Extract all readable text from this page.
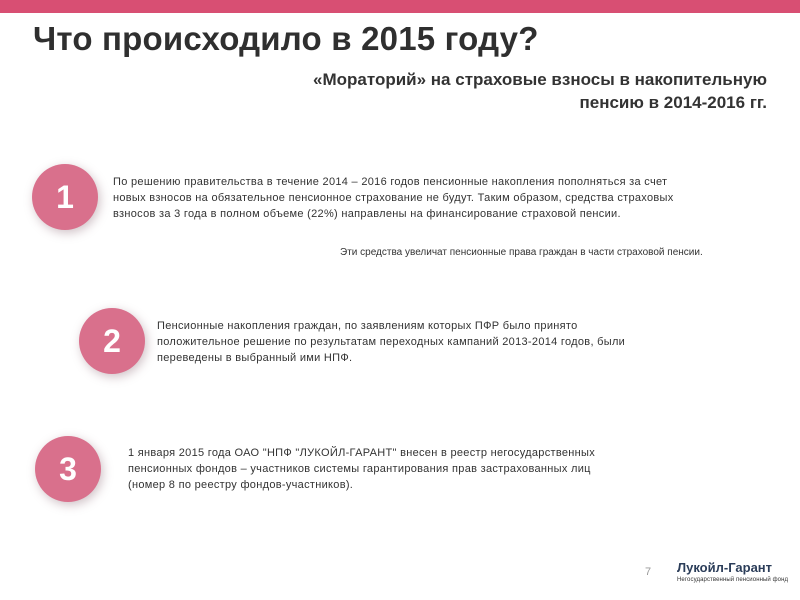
Что происходило в 2015 году?
«Мораторий» на страховые взносы в накопительную
пенсию в 2014-2016 гг.
1	По решению правительства в течение 2014 – 2016 годов пенсионные накопления пополняться за счет
новых взносов на обязательное пенсионное страхование не будут. Таким образом, средства страховых
взносов за 3 года в полном объеме (22%) направлены на финансирование страховой пенсии.
Эти средства увеличат пенсионные права граждан в части страховой пенсии.
2	Пенсионные накопления граждан, по заявлениям которых ПФР было принято
положительное решение по результатам переходных кампаний 2013-2014 годов, были
переведены в выбранный ими НПФ.
3	1 января 2015 года ОАО "НПФ "ЛУКОЙЛ-ГАРАНТ" внесен в реестр негосударственных
пенсионных фондов – участников системы гарантирования прав застрахованных лиц
(номер 8 по реестру фондов-участников).
7 Лукойл-Гарант
Негосударственный пенсионный фонд
